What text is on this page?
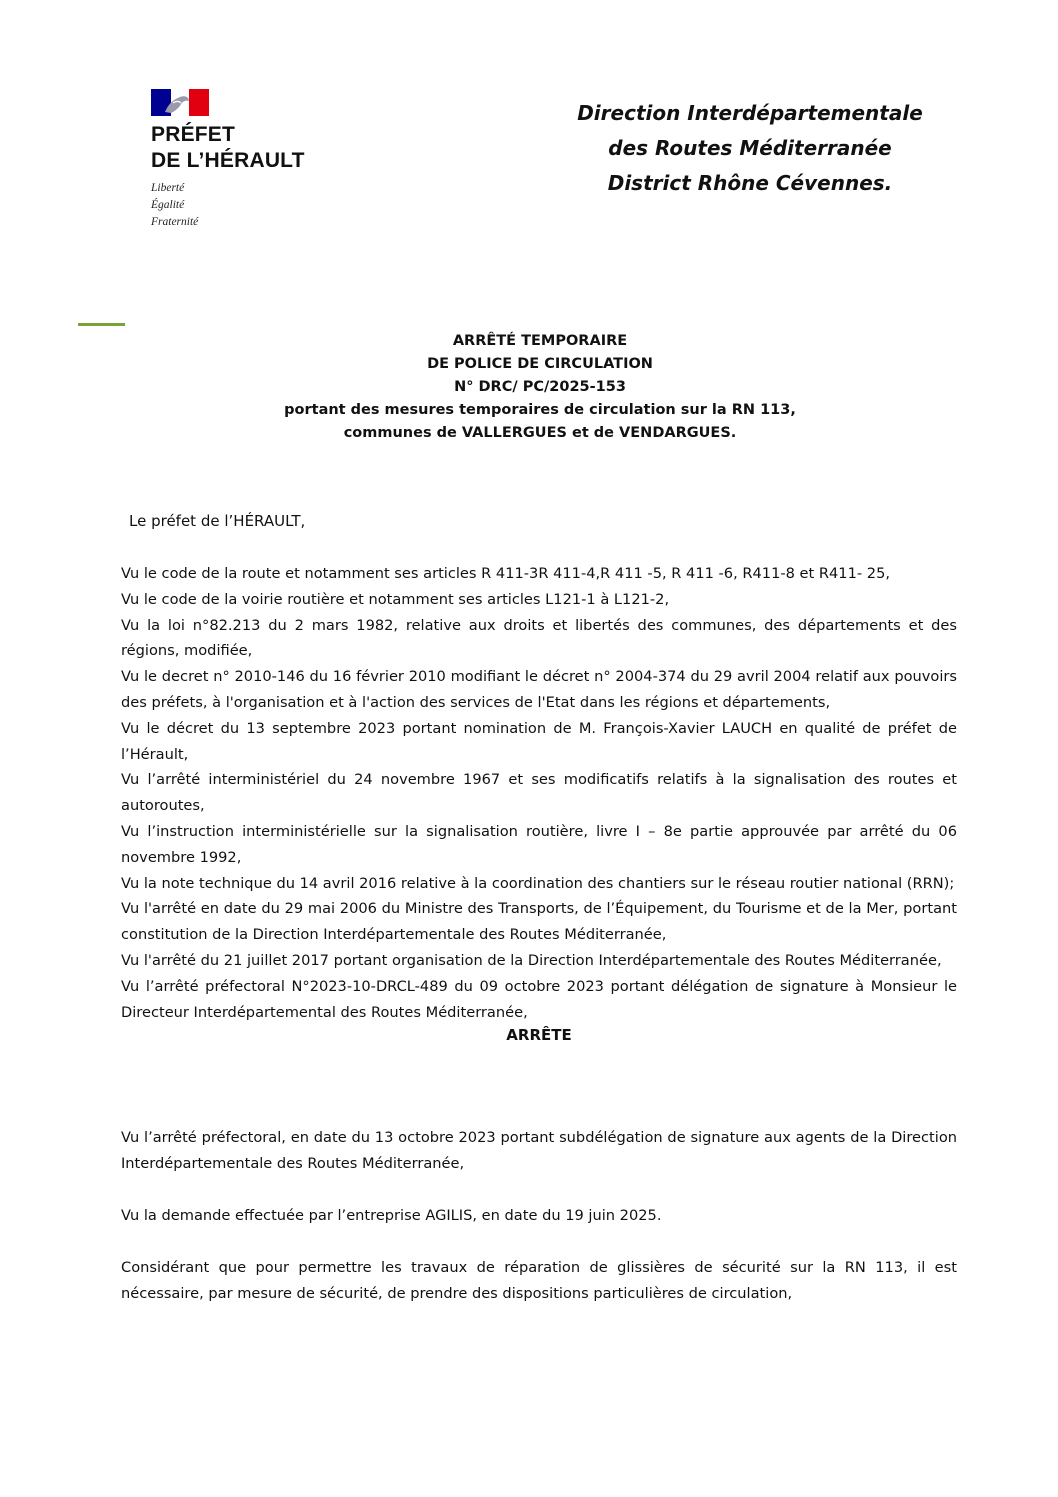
PRÉFET
DE L’HÉRAULT
Liberté
Égalité
Fraternité
Direction Interdépartementale
des Routes Méditerranée
District Rhône Cévennes.
ARRÊTÉ TEMPORAIRE
DE POLICE DE CIRCULATION
N° DRC/ PC/2025-153
portant des mesures temporaires de circulation sur la RN 113,
communes de VALLERGUES et de VENDARGUES.
Le préfet de l’HÉRAULT,

Vu le code de la route et notamment ses articles R 411-3R 411-4,R 411 -5, R 411 -6, R411-8 et R411- 25,

Vu le code de la voirie routière et notamment ses articles L121-1 à L121-2,

Vu la loi n°82.213 du 2 mars 1982, relative aux droits et libertés des communes, des départements et des régions, modifiée,

Vu le decret n° 2010-146 du 16 février 2010 modifiant le décret n° 2004-374 du 29 avril 2004 relatif aux pouvoirs des préfets, à l'organisation et à l'action des services de l'Etat dans les régions et départements,

Vu le décret du 13 septembre 2023 portant nomination de M. François-Xavier LAUCH en qualité de préfet de l’Hérault,

Vu l’arrêté interministériel du 24 novembre 1967 et ses modificatifs relatifs à la signalisation des routes et autoroutes,

Vu l’instruction interministérielle sur la signalisation routière, livre I – 8e partie approuvée par arrêté du 06 novembre 1992,

Vu la note technique du 14 avril 2016 relative à la coordination des chantiers sur le réseau routier national (RRN);

Vu l'arrêté en date du 29 mai 2006 du Ministre des Transports, de l’Équipement, du Tourisme et de la Mer, portant constitution de la Direction Interdépartementale des Routes Méditerranée,

Vu l'arrêté du 21 juillet 2017 portant organisation de la Direction Interdépartementale des Routes Méditerranée,

Vu l’arrêté préfectoral N°2023-10-DRCL-489 du 09 octobre 2023 portant délégation de signature à Monsieur le Directeur Interdépartemental des Routes Méditerranée,

Vu l’arrêté préfectoral, en date du 13 octobre 2023 portant subdélégation de signature aux agents de la Direction Interdépartementale des Routes Méditerranée,
Vu la demande effectuée par l’entreprise AGILIS, en date du 19 juin 2025.
Considérant que pour permettre les travaux de réparation de glissières de sécurité sur la RN 113, il est nécessaire, par mesure de sécurité, de prendre des dispositions particulières de circulation,
ARRÊTE
